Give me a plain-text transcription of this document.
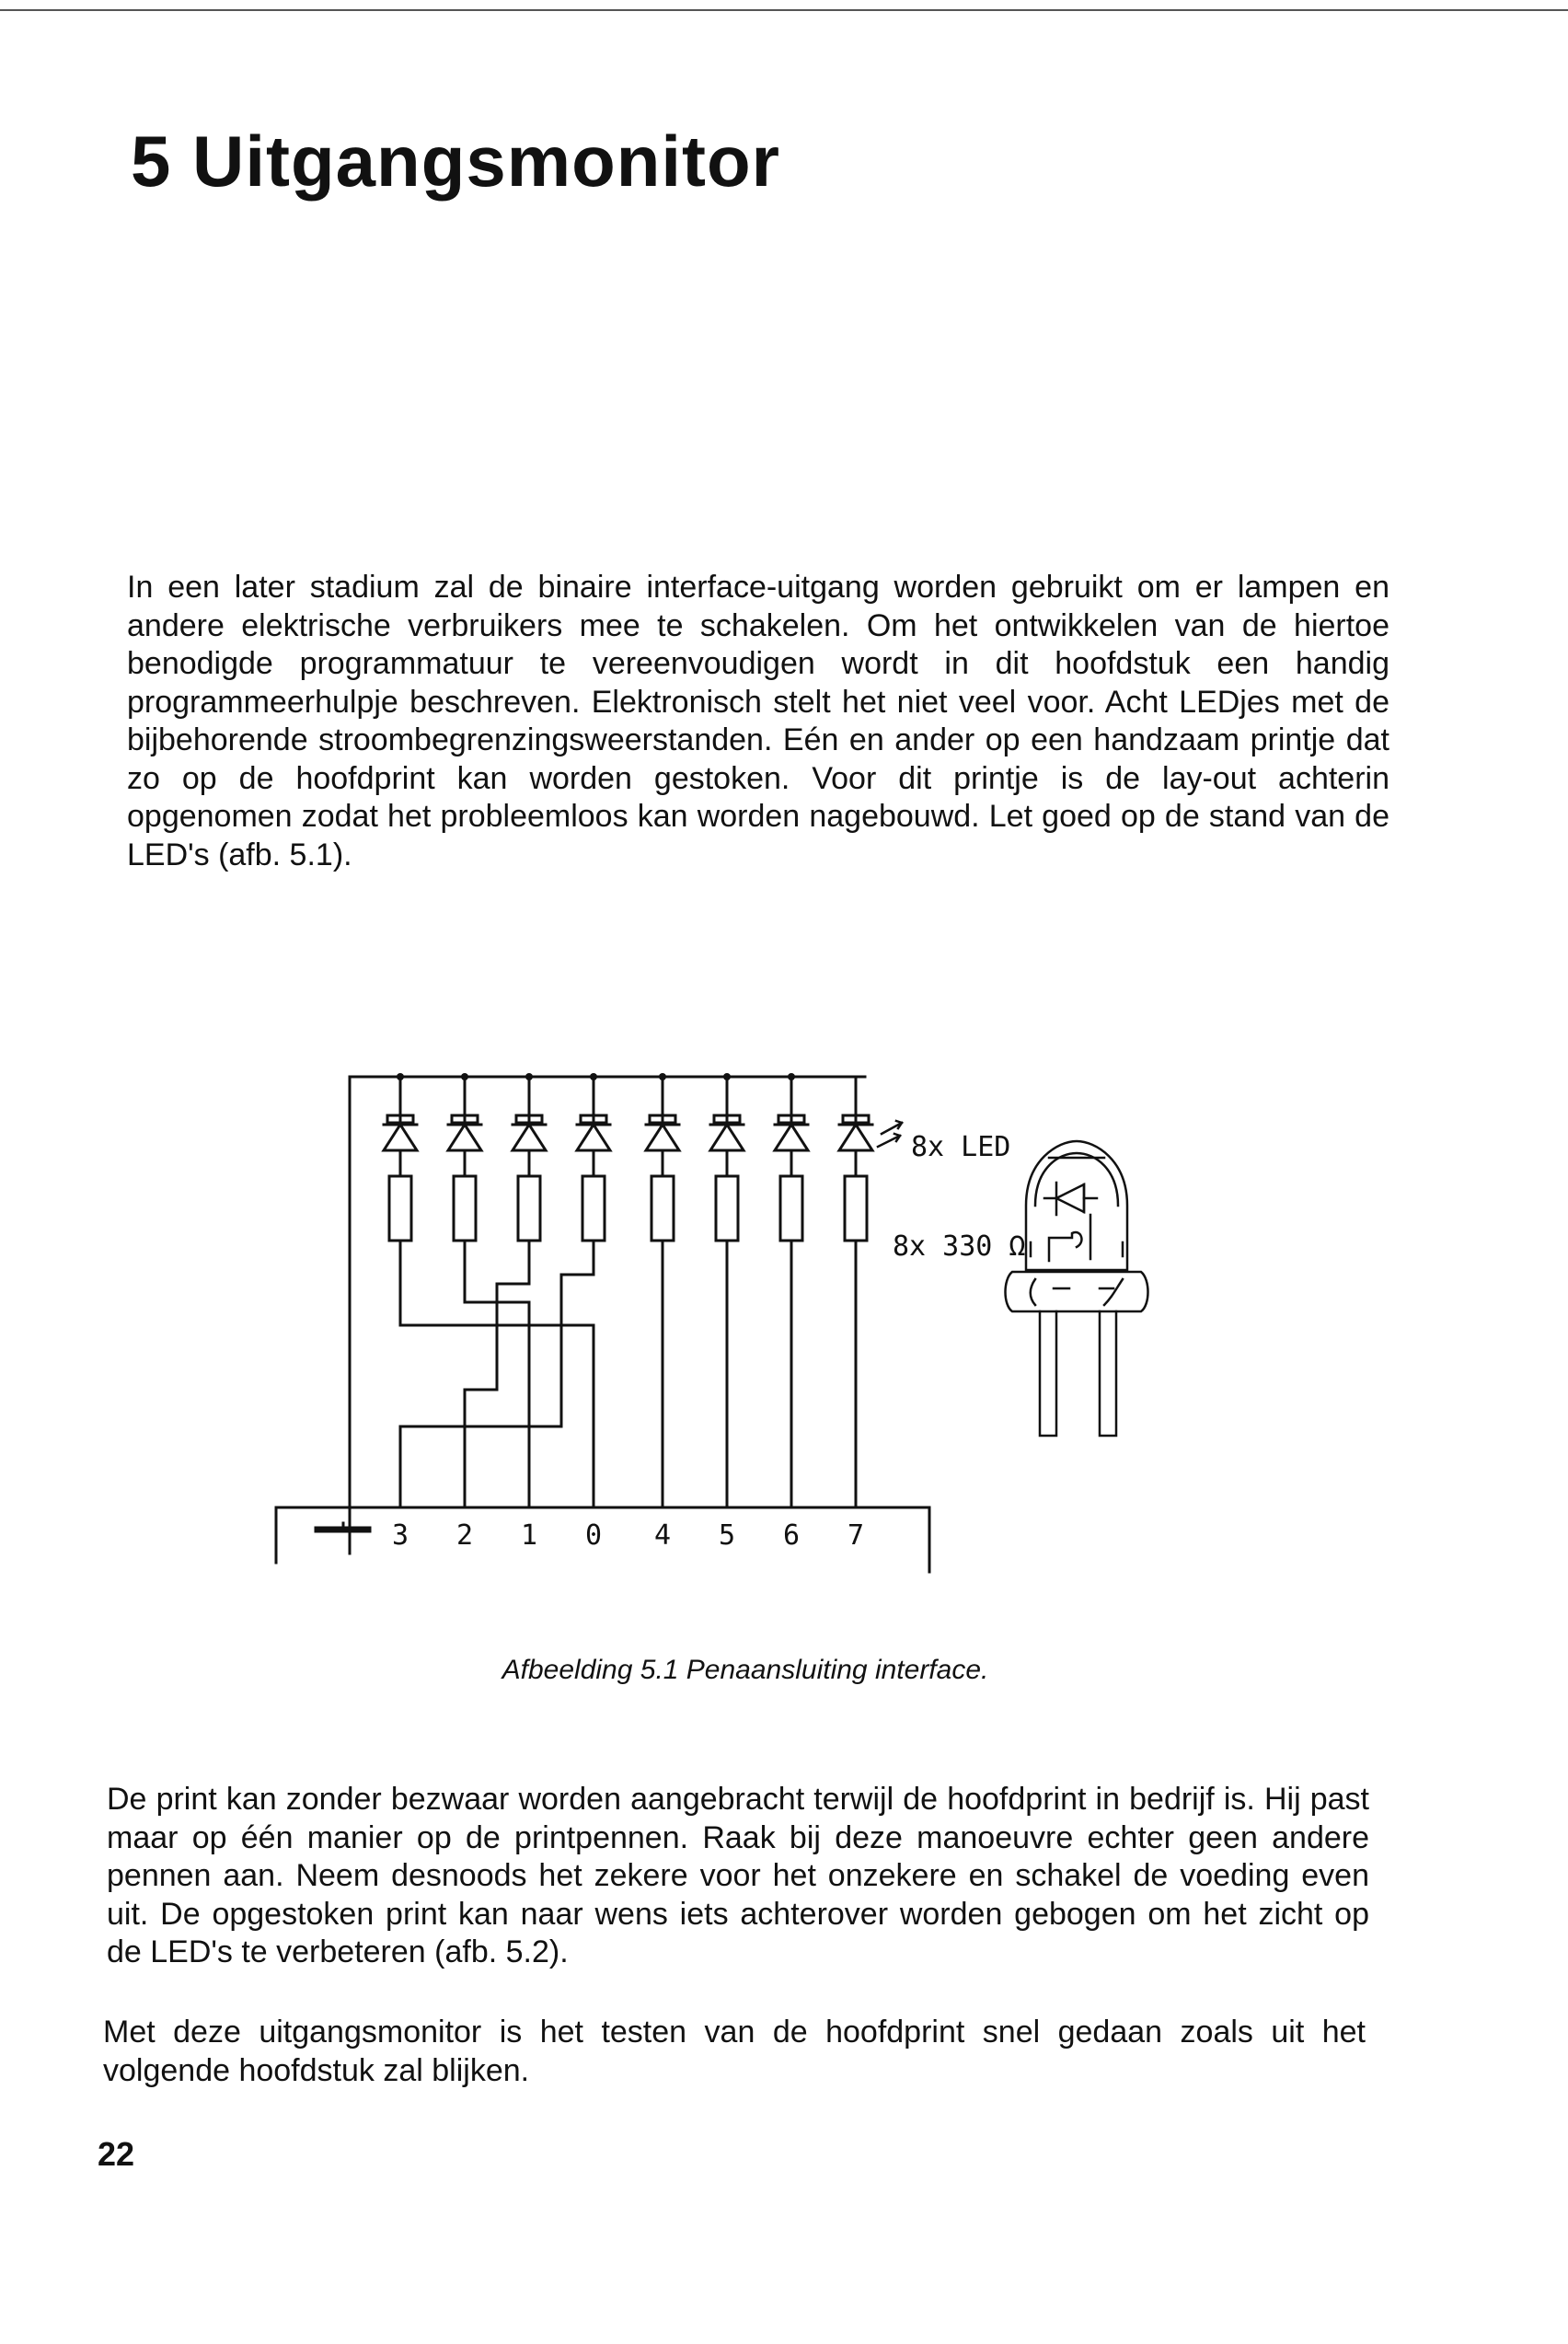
5 Uitgangsmonitor

In een later stadium zal de binaire interface-uitgang worden gebruikt om er lampen en andere elektrische verbruikers mee te schakelen. Om het ontwikkelen van de hiertoe benodigde programmatuur te vereenvoudigen wordt in dit hoofdstuk een handig programmeerhulpje beschreven. Elektronisch stelt het niet veel voor. Acht LEDjes met de bijbehorende stroombegrenzingsweerstanden. Eén en ander op een handzaam printje dat zo op de hoofdprint kan worden gestoken. Voor dit printje is de lay-out achterin opgenomen zodat het probleemloos kan worden nagebouwd. Let goed op de stand van de LED's (afb. 5.1).

3 2 1 0 4 5 6 7
8x LED
8x 330 Ω

Afbeelding 5.1 Penaansluiting interface.

De print kan zonder bezwaar worden aangebracht terwijl de hoofdprint in bedrijf is. Hij past maar op één manier op de printpennen. Raak bij deze manoeuvre echter geen andere pennen aan. Neem desnoods het zekere voor het onzekere en schakel de voeding even uit. De opgestoken print kan naar wens iets achterover worden gebogen om het zicht op de LED's te verbeteren (afb. 5.2).

Met deze uitgangsmonitor is het testen van de hoofdprint snel gedaan zoals uit het volgende hoofdstuk zal blijken.

22
